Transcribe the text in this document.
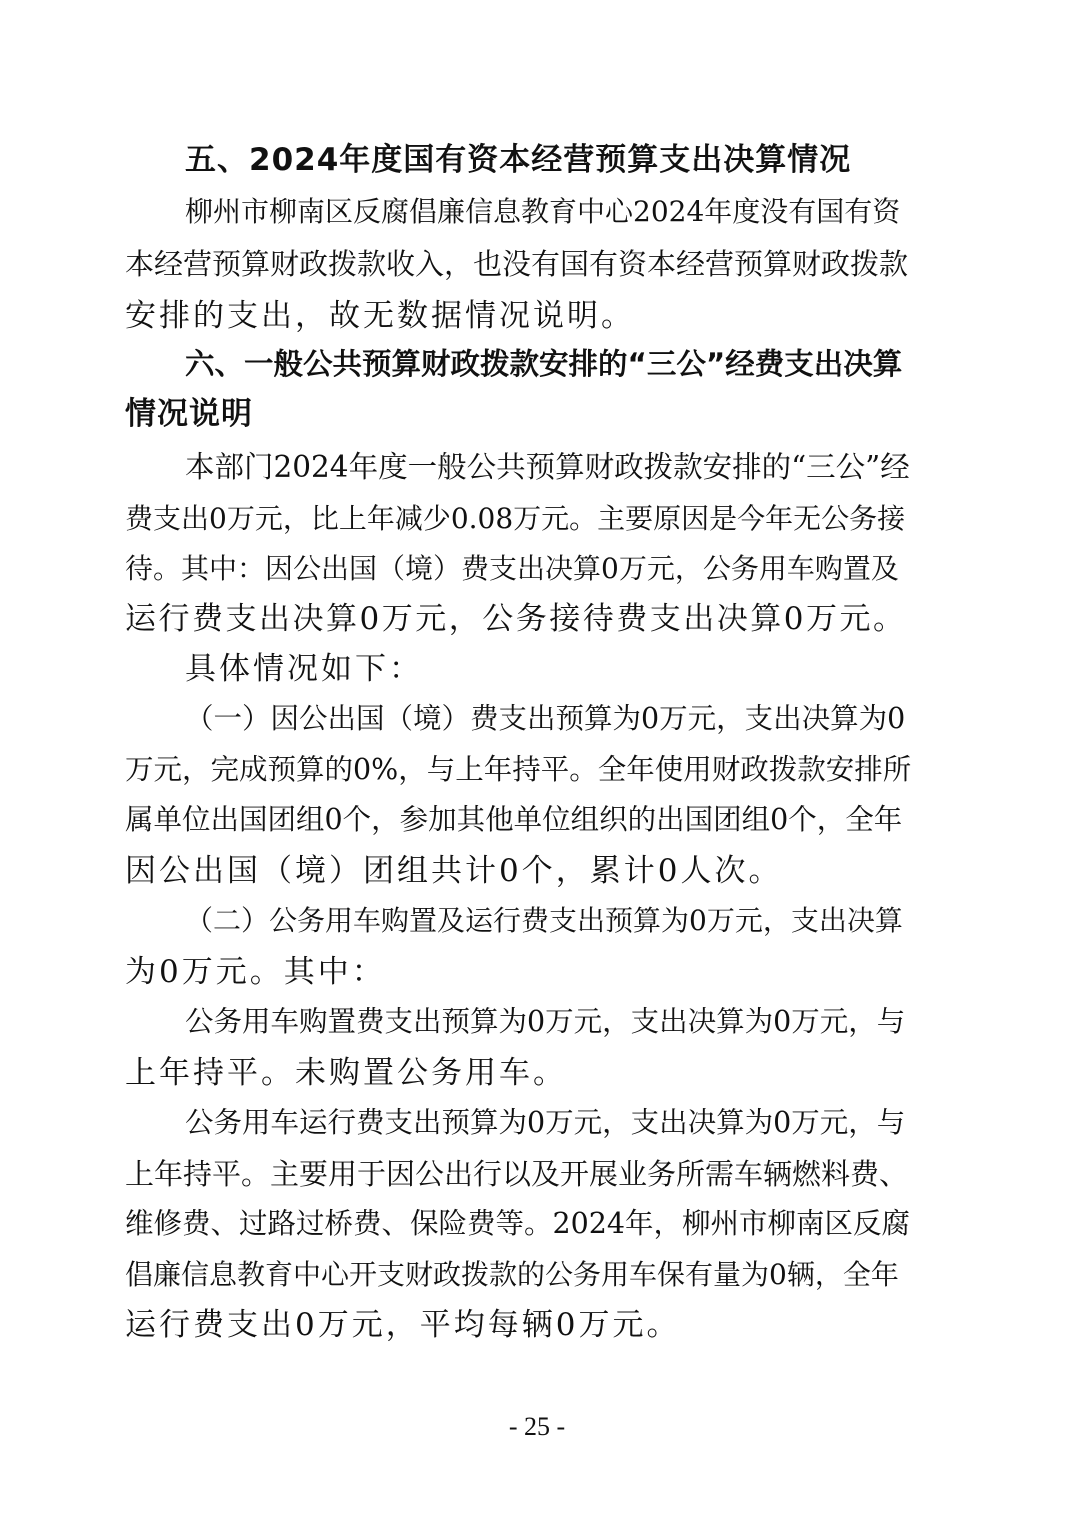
五、2024年度国有资本经营预算支出决算情况
柳州市柳南区反腐倡廉信息教育中心2024年度没有国有资
本经营预算财政拨款收入，也没有国有资本经营预算财政拨款
安排的支出，故无数据情况说明。
六、一般公共预算财政拨款安排的“三公”经费支出决算
情况说明
本部门2024年度一般公共预算财政拨款安排的“三公”经
费支出0万元，比上年减少0.08万元。主要原因是今年无公务接
待。其中：因公出国（境）费支出决算0万元，公务用车购置及
运行费支出决算0万元，公务接待费支出决算0万元。
具体情况如下：
（一）因公出国（境）费支出预算为0万元，支出决算为0
万元，完成预算的0%，与上年持平。全年使用财政拨款安排所
属单位出国团组0个，参加其他单位组织的出国团组0个，全年
因公出国（境）团组共计0个，累计0人次。
（二）公务用车购置及运行费支出预算为0万元，支出决算
为0万元。其中：
公务用车购置费支出预算为0万元，支出决算为0万元，与
上年持平。未购置公务用车。
公务用车运行费支出预算为0万元，支出决算为0万元，与
上年持平。主要用于因公出行以及开展业务所需车辆燃料费、
维修费、过路过桥费、保险费等。2024年，柳州市柳南区反腐
倡廉信息教育中心开支财政拨款的公务用车保有量为0辆，全年
运行费支出0万元，平均每辆0万元。
- 25 -
